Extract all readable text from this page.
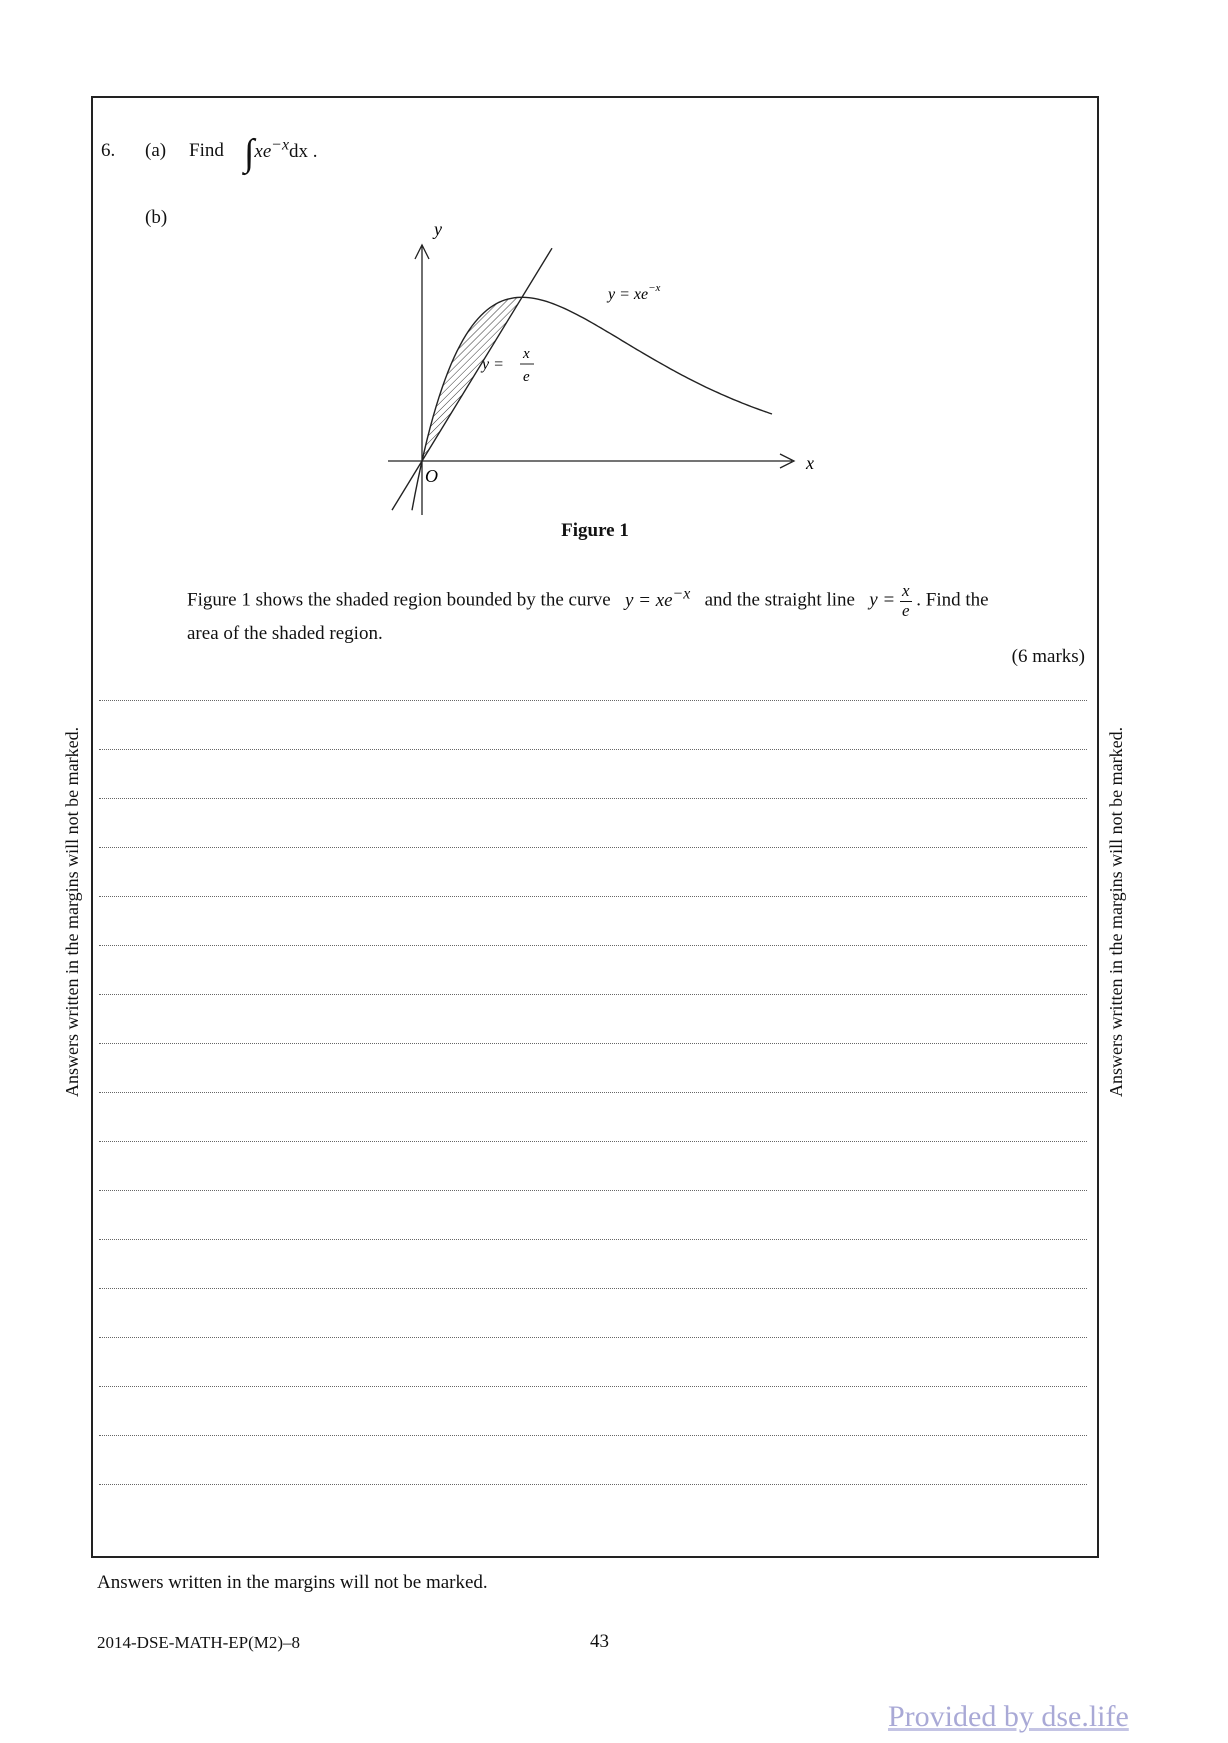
6. (a) Find $\int xe^{-x}dx$ .
(b)
y
x
O
$y = xe^{-x}$
y =
x
e
Figure 1
Figure 1 shows the shaded region bounded by the curve $y = xe^{-x}$ and the straight line $y = \frac{x}{e}$ . Find the
area of the shaded region.
(6 marks)
Answers written in the margins will not be marked.	Answers written in the margins will not be marked.
Answers written in the margins will not be marked.
2014-DSE-MATH-EP(M2)–8	43
Provided by dse.life
